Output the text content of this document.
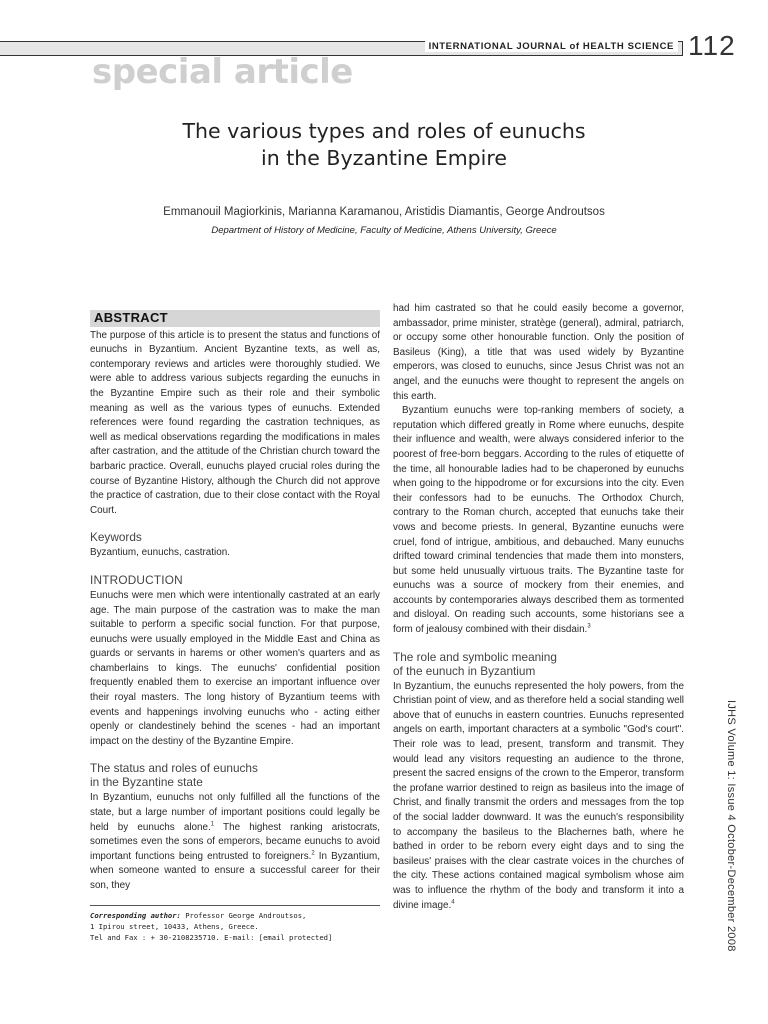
INTERNATIONAL JOURNAL of HEALTH SCIENCE 112
special article
The various types and roles of eunuchs
in the Byzantine Empire
Emmanouil Magiorkinis, Marianna Karamanou, Aristidis Diamantis, George Androutsos
Department of History of Medicine, Faculty of Medicine, Athens University, Greece
ABSTRACT

The purpose of this article is to present the status and functions of eunuchs in Byzantium. Ancient Byzantine texts, as well as, contemporary reviews and articles were thoroughly studied. We were able to address various subjects regarding the eunuchs in the Byzantine Empire such as their role and their symbolic meaning as well as the various types of eunuchs. Extended references were found regarding the castration techniques, as well as medical observations regarding the modifications in males after castration, and the attitude of the Christian church toward the barbaric practice. Overall, eunuchs played crucial roles during the course of Byzantine History, although the Church did not approve the practice of castration, due to their close contact with the Royal Court.

Keywords

Byzantium, eunuchs, castration.

INTRODUCTION

Eunuchs were men which were intentionally castrated at an early age. The main purpose of the castration was to make the man suitable to perform a specific social function. For that purpose, eunuchs were usually employed in the Middle East and China as guards or servants in harems or other women's quarters and as chamberlains to kings. The eunuchs' confidential position frequently enabled them to exercise an important influence over their royal masters. The long history of Byzantium teems with events and happenings involving eunuchs who - acting either openly or clandestinely behind the scenes - had an important impact on the destiny of the Byzantine Empire.

The status and roles of eunuchs
in the Byzantine state

In Byzantium, eunuchs not only fulfilled all the functions of the state, but a large number of important positions could legally be held by eunuchs alone.$^1$ The highest ranking aristocrats, sometimes even the sons of emperors, became eunuchs to avoid important functions being entrusted to foreigners.$^2$ In Byzantium, when someone wanted to ensure a successful career for their son, they

Corresponding author: Professor George Androutsos,
1 Ipirou street, 10433, Athens, Greece.
Tel and Fax : + 30-2108235710. E-mail: [email protected]

had him castrated so that he could easily become a governor, ambassador, prime minister, stratège (general), admiral, patriarch, or occupy some other honourable function. Only the position of Basileus (King), a title that was used widely by Byzantine emperors, was closed to eunuchs, since Jesus Christ was not an angel, and the eunuchs were thought to represent the angels on this earth.

Byzantium eunuchs were top-ranking members of society, a reputation which differed greatly in Rome where eunuchs, despite their influence and wealth, were always considered inferior to the poorest of free-born beggars. According to the rules of etiquette of the time, all honourable ladies had to be chaperoned by eunuchs when going to the hippodrome or for excursions into the city. Even their confessors had to be eunuchs. The Orthodox Church, contrary to the Roman church, accepted that eunuchs take their vows and become priests. In general, Byzantine eunuchs were cruel, fond of intrigue, ambitious, and debauched. Many eunuchs drifted toward criminal tendencies that made them into monsters, but some held unusually virtuous traits. The Byzantine taste for eunuchs was a source of mockery from their enemies, and accounts by contemporaries always described them as tormented and disloyal. On reading such accounts, some historians see a form of jealousy combined with their disdain.$^3$

The role and symbolic meaning
of the eunuch in Byzantium

In Byzantium, the eunuchs represented the holy powers, from the Christian point of view, and as therefore held a social standing well above that of eunuchs in eastern countries. Eunuchs represented angels on earth, important characters at a symbolic "God's court". Their role was to lead, present, transform and transmit. They would lead any visitors requesting an audience to the throne, present the sacred ensigns of the crown to the Emperor, transform the profane warrior destined to reign as basileus into the image of Christ, and finally transmit the orders and messages from the top of the social ladder downward. It was the eunuch's responsibility to accompany the basileus to the Blachernes bath, where he bathed in order to be reborn every eight days and to sing the basileus' praises with the clear castrate voices in the churches of the city. These actions contained magical symbolism whose aim was to influence the rhythm of the body and transform it into a divine image.$^4$	IJHS Volume 1: Issue 4 October-December 2008
